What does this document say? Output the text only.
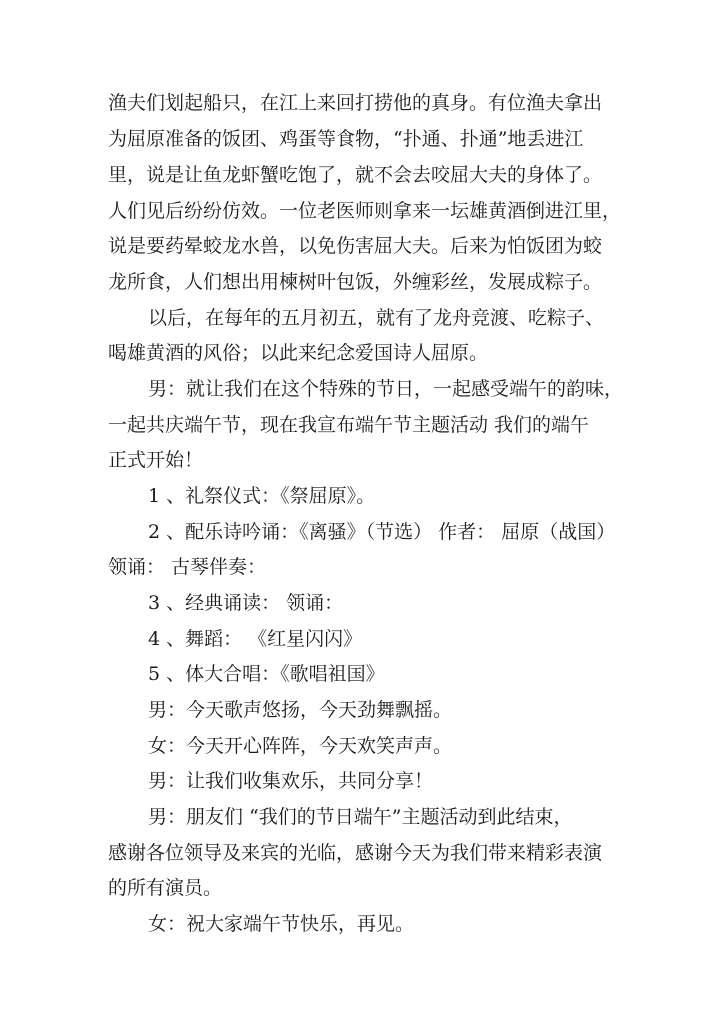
渔夫们划起船只，在江上来回打捞他的真身。有位渔夫拿出
为屈原准备的饭团、鸡蛋等食物，“扑通、扑通”地丢进江
里，说是让鱼龙虾蟹吃饱了，就不会去咬屈大夫的身体了。
人们见后纷纷仿效。一位老医师则拿来一坛雄黄酒倒进江里，
说是要药晕蛟龙水兽，以免伤害屈大夫。后来为怕饭团为蛟
龙所食，人们想出用楝树叶包饭，外缠彩丝，发展成粽子。
以后，在每年的五月初五，就有了龙舟竞渡、吃粽子、
喝雄黄酒的风俗；以此来纪念爱国诗人屈原。
男：就让我们在这个特殊的节日，一起感受端午的韵味，
一起共庆端午节，现在我宣布端午节主题活动 我们的端午
正式开始！
1 、礼祭仪式：《祭屈原》。
2 、配乐诗吟诵：《离骚》（节选） 作者： 屈原（战国）
领诵： 古琴伴奏：
3 、经典诵读： 领诵：
4 、舞蹈： 《红星闪闪》
5 、体大合唱：《歌唱祖国》
男：今天歌声悠扬，今天劲舞飘摇。
女：今天开心阵阵，今天欢笑声声。
男：让我们收集欢乐，共同分享！
男：朋友们 “我们的节日端午”主题活动到此结束，
感谢各位领导及来宾的光临，感谢今天为我们带来精彩表演
的所有演员。
女：祝大家端午节快乐，再见。
